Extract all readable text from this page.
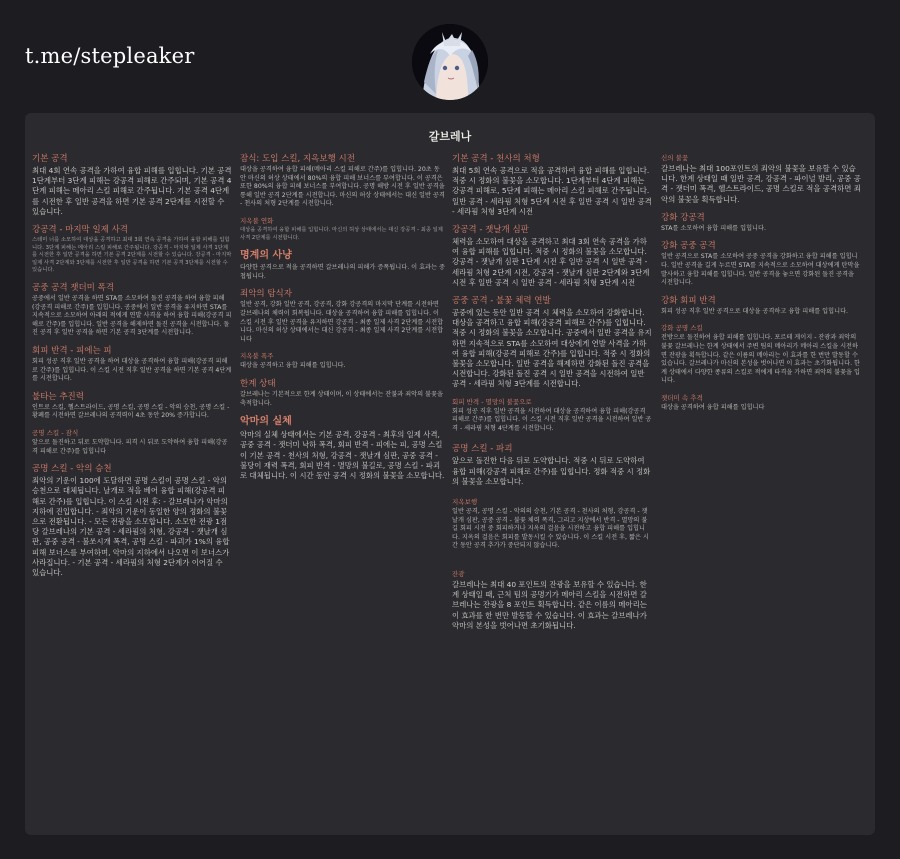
t.me/stepleaker
갈브레나
기본 공격
최대 4회 연속 공격을 가하여 융합 피해를 입힙니다. 기본 공격 1단계부터 3단계 피해는 강공격 피해로 간주되며, 기본 공격 4단계 피해는 메아리 스킬 피해로 간주됩니다. 기본 공격 4단계를 시전한 후 일반 공격을 하면 기본 공격 2단계를 시전할 수 있습니다.
강공격 - 마지막 일제 사격
스테미 너를 소모하여 대상을 공격하고 최대 3회 연속 공격을 가하여 융합 피해를 입힙니다. 3단계 피해는 메아리 스킬 피해로 간주됩니다. 강공격 - 마지막 일제 사격 1단계를 시전한 후 일반 공격을 하면 기본 공격 2단계를 시전할 수 있습니다. 강공격 - 마지막 일제 사격 2단계와 3단계를 시전한 후 일반 공격을 하면 기본 공격 3단계를 시전할 수 있습니다.
공중 공격 잿더미 폭격
공중에서 일반 공격을 하면 STA를 소모하여 돌진 공격을 하여 융합 피해(강공격 피해로 간주)를 입힙니다. 공중에서 일반 공격을 유지하면 STA를 지속적으로 소모하여 아래의 적에게 연발 사격을 하여 융합 피해(강공격 피해로 간주)를 입힙니다. 일반 공격을 해제하면 돌진 공격을 시전합니다. 돌진 공격 후 일반 공격을 하면 기본 공격 3단계를 시전합니다.
회피 반격 - 피에는 피
회피 성공 직후 일반 공격을 하여 대상을 공격하여 융합 피해(강공격 피해로 간주)를 입힙니다. 이 스킬 시전 직후 일반 공격을 하면 기본 공격 4단계를 시전합니다.
불타는 추진력
인트로 스킬, 헬스트라이드, 공명 스킬, 공명 스킬 - 악의 승천, 공명 스킬 - 황폐를 시전하면 갈브레나의 공격력이 4초 동안 20% 증가합니다.
공명 스킬 - 잠식
앞으로 돌진하고 뒤로 도약합니다. 피격 시 뒤로 도약하여 융합 피해(강공격 피해로 간주)를 입힙니다
공명 스킬 - 악의 승천
죄악의 기운이 100에 도달하면 공명 스킬이 공명 스킬 - 악의 승천으로 대체됩니다. 날개로 적을 베어 융합 피해(강공격 피해로 간주)를 입힙니다. 이 스킬 시전 후: - 갈브레나가 악마의 지하에 진입합니다. - 죄악의 기운이 동일한 양의 정화의 불꽃으로 전환됩니다. - 모든 전광을 소모합니다. 소모한 전광 1점당 갈브레나의 기본 공격 - 세라핌의 처형, 강공격 - 잿날개 심판, 공중 공격 - 불쏘시개 폭격, 공명 스킬 - 파괴가 1%의 융합 피해 보너스를 부여하며, 악마의 지하에서 나오면 이 보너스가 사라집니다. - 기본 공격 - 세라핌의 처형 2단계가 이어질 수 있습니다.
잠식: 도입 스킬, 지옥보행 시전
대상을 공격하여 융합 피해(메아리 스킬 피해로 간주)를 입힙니다. 20초 동안 마신의 허상 상태에서 80%의 융합 피해 보너스를 부여합니다. 이 공격은 또한 80%의 융합 피해 보너스를 부여합니다. 공명 해방 시전 후 일반 공격을 통해 일반 공격 2단계를 시전합니다. 마신의 허상 상태에서는 대신 일반 공격 - 천사의 처형 2단계를 시전합니다.
지옥불 연화
대상을 공격하여 융합 피해를 입힙니다. 마신의 허상 상태에서는 대신 강공격 - 최종 일제 사격 2단계를 시전합니다.
명계의 사냥
다양한 공격으로 적을 공격하면 갈브레나의 피해가 증폭됩니다. 이 효과는 중첩됩니다.
죄악의 탐식자
일반 공격, 강화 일반 공격, 강공격, 강화 강공격의 마지막 단계를 시전하면 갈브레나의 체력이 회복됩니다. 대상을 공격하여 융합 피해를 입힙니다. 이 스킬 시전 후 일반 공격을 유지하면 강공격 - 최종 일제 사격 2단계를 시전합니다. 마신의 허상 상태에서는 대신 강공격 - 최종 일제 사격 2단계를 시전합니다
지옥불 폭주
대상을 공격하고 융합 피해를 입힙니다.
한계 상태
갈브레나는 기본적으로 한계 상태이며, 이 상태에서는 잔불과 죄악의 불꽃을 축적합니다.
악마의 실체
악마의 실체 상태에서는 기본 공격, 강공격 - 최후의 일제 사격, 공중 공격 - 잿더미 낙하 폭격, 회피 반격 - 피에는 피, 공명 스킬이 기본 공격 - 천사의 처형, 강공격 - 잿날개 심판, 공중 공격 - 불당이 재력 폭격, 회피 반격 - 멸망의 불길로, 공명 스킬 - 파괴로 대체됩니다. 이 시간 동안 공격 시 정화의 불꽃을 소모합니다.
기본 공격 - 천사의 처형
최대 5회 연속 공격으로 적을 공격하여 융합 피해를 입힙니다. 적중 시 정화의 불꽃을 소모합니다. 1단계부터 4단계 피해는 강공격 피해로, 5단계 피해는 메아리 스킬 피해로 간주됩니다. 일반 공격 - 세라핌 처형 5단계 시전 후 일반 공격 시 일반 공격 - 세라핌 처형 3단계 시전
강공격 - 잿날개 심판
체력을 소모하여 대상을 공격하고 최대 3회 연속 공격을 가하여 융합 피해를 입힙니다. 적중 시 정화의 불꽃을 소모합니다. 강공격 - 잿날개 심판 1단계 시전 후 일반 공격 시 일반 공격 - 세라핌 처형 2단계 시전, 강공격 - 잿날개 심판 2단계와 3단계 시전 후 일반 공격 시 일반 공격 - 세라핌 처형 3단계 시전
공중 공격 - 불꽃 체력 연발
공중에 있는 동안 일반 공격 시 체력을 소모하여 강화합니다. 대상을 공격하고 융합 피해(강공격 피해로 간주)를 입힙니다. 적중 시 정화의 불꽃을 소모합니다. 공중에서 일반 공격을 유지하면 지속적으로 STA를 소모하여 대상에게 연발 사격을 가하여 융합 피해(강공격 피해로 간주)를 입힙니다. 적중 시 정화의 불꽃을 소모합니다. 일반 공격을 해제하면 강화된 돌진 공격을 시전합니다. 강화된 돌진 공격 시 일반 공격을 시전하여 일반 공격 - 세라핌 처형 3단계를 시전합니다.
회피 반격 - 멸망의 불꽃으로
회피 성공 직후 일반 공격을 시전하여 대상을 공격하여 융합 피해(강공격 피해로 간주)를 입힙니다. 이 스킬 시전 직후 일반 공격을 시전하여 일반 공격 - 세라핌 처형 4단계를 시전합니다.
공명 스킬 - 파괴
앞으로 돌진한 다음 뒤로 도약합니다. 적중 시 뒤로 도약하여 융합 피해(강공격 피해로 간주)를 입힙니다. 정화 적중 시 정화의 불꽃을 소모합니다.
지옥보행
일반 공격, 공명 스킬 - 악의의 승천, 기본 공격 - 천사의 처형, 강공격 - 잿날개 심판, 공중 공격 - 불꽃 체력 폭격, 그리고 지상에서 반격 - 멸망의 불길 회피 시전 중 회피하거나 지옥의 걸음을 시전하고 융합 피해를 입힙니다. 지옥의 걸음은 회피를 발동시킬 수 있습니다. 이 스킬 시전 후, 짧은 시간 동안 공격 추가가 중단되지 않습니다.
잔광
갈브레나는 최대 40 포인트의 잔광을 보유할 수 있습니다. 한계 상태일 때, 근처 팀의 공명기가 메아리 스킬을 시전하면 갈브레나는 잔광을 8 포인트 획득합니다. 같은 이름의 메아리는 이 효과를 한 번만 발동할 수 있습니다. 이 효과는 갈브레나가 악마의 본성을 벗어나면 초기화됩니다.
신의 불꽃
갈브레나는 최대 100포인트의 죄악의 불꽃을 보유할 수 있습니다. 한계 상태일 때 일반 공격, 강공격 - 파이널 발리, 공중 공격 - 잿더미 폭격, 헬스트라이드, 공명 스킬로 적을 공격하면 죄악의 불꽃을 획득합니다.
강화 강공격
STA를 소모하여 융합 피해를 입힙니다.
강화 공중 공격
일반 공격으로 STA를 소모하여 공중 공격을 강화하고 융합 피해를 입힙니다. 일반 공격을 길게 누르면 STA를 지속적으로 소모하여 대상에게 탄막을 발사하고 융합 피해를 입힙니다. 일반 공격을 놓으면 강화된 돌진 공격을 시전합니다.
강화 회피 반격
회피 성공 직후 일반 공격으로 대상을 공격하고 융합 피해를 입힙니다.
강화 공명 스킬
전방으로 돌진하여 융합 피해를 입힙니다. 포르테 게이지 - 잔광과 죄악의 불꽃 갈브레나는 한계 상태에서 주변 팀의 메아리가 메아리 스킬을 시전하면 잔광을 획득합니다. 같은 이름의 메아리는 이 효과를 한 번만 발동할 수 있습니다. 갈브레나가 마신의 본성을 벗어나면 이 효과는 초기화됩니다. 한계 상태에서 다양한 종류의 스킬로 적에게 타격을 가하면 죄악의 불꽃을 입니다.
잿더미 속 추격
대상을 공격하여 융합 피해를 입힙니다
